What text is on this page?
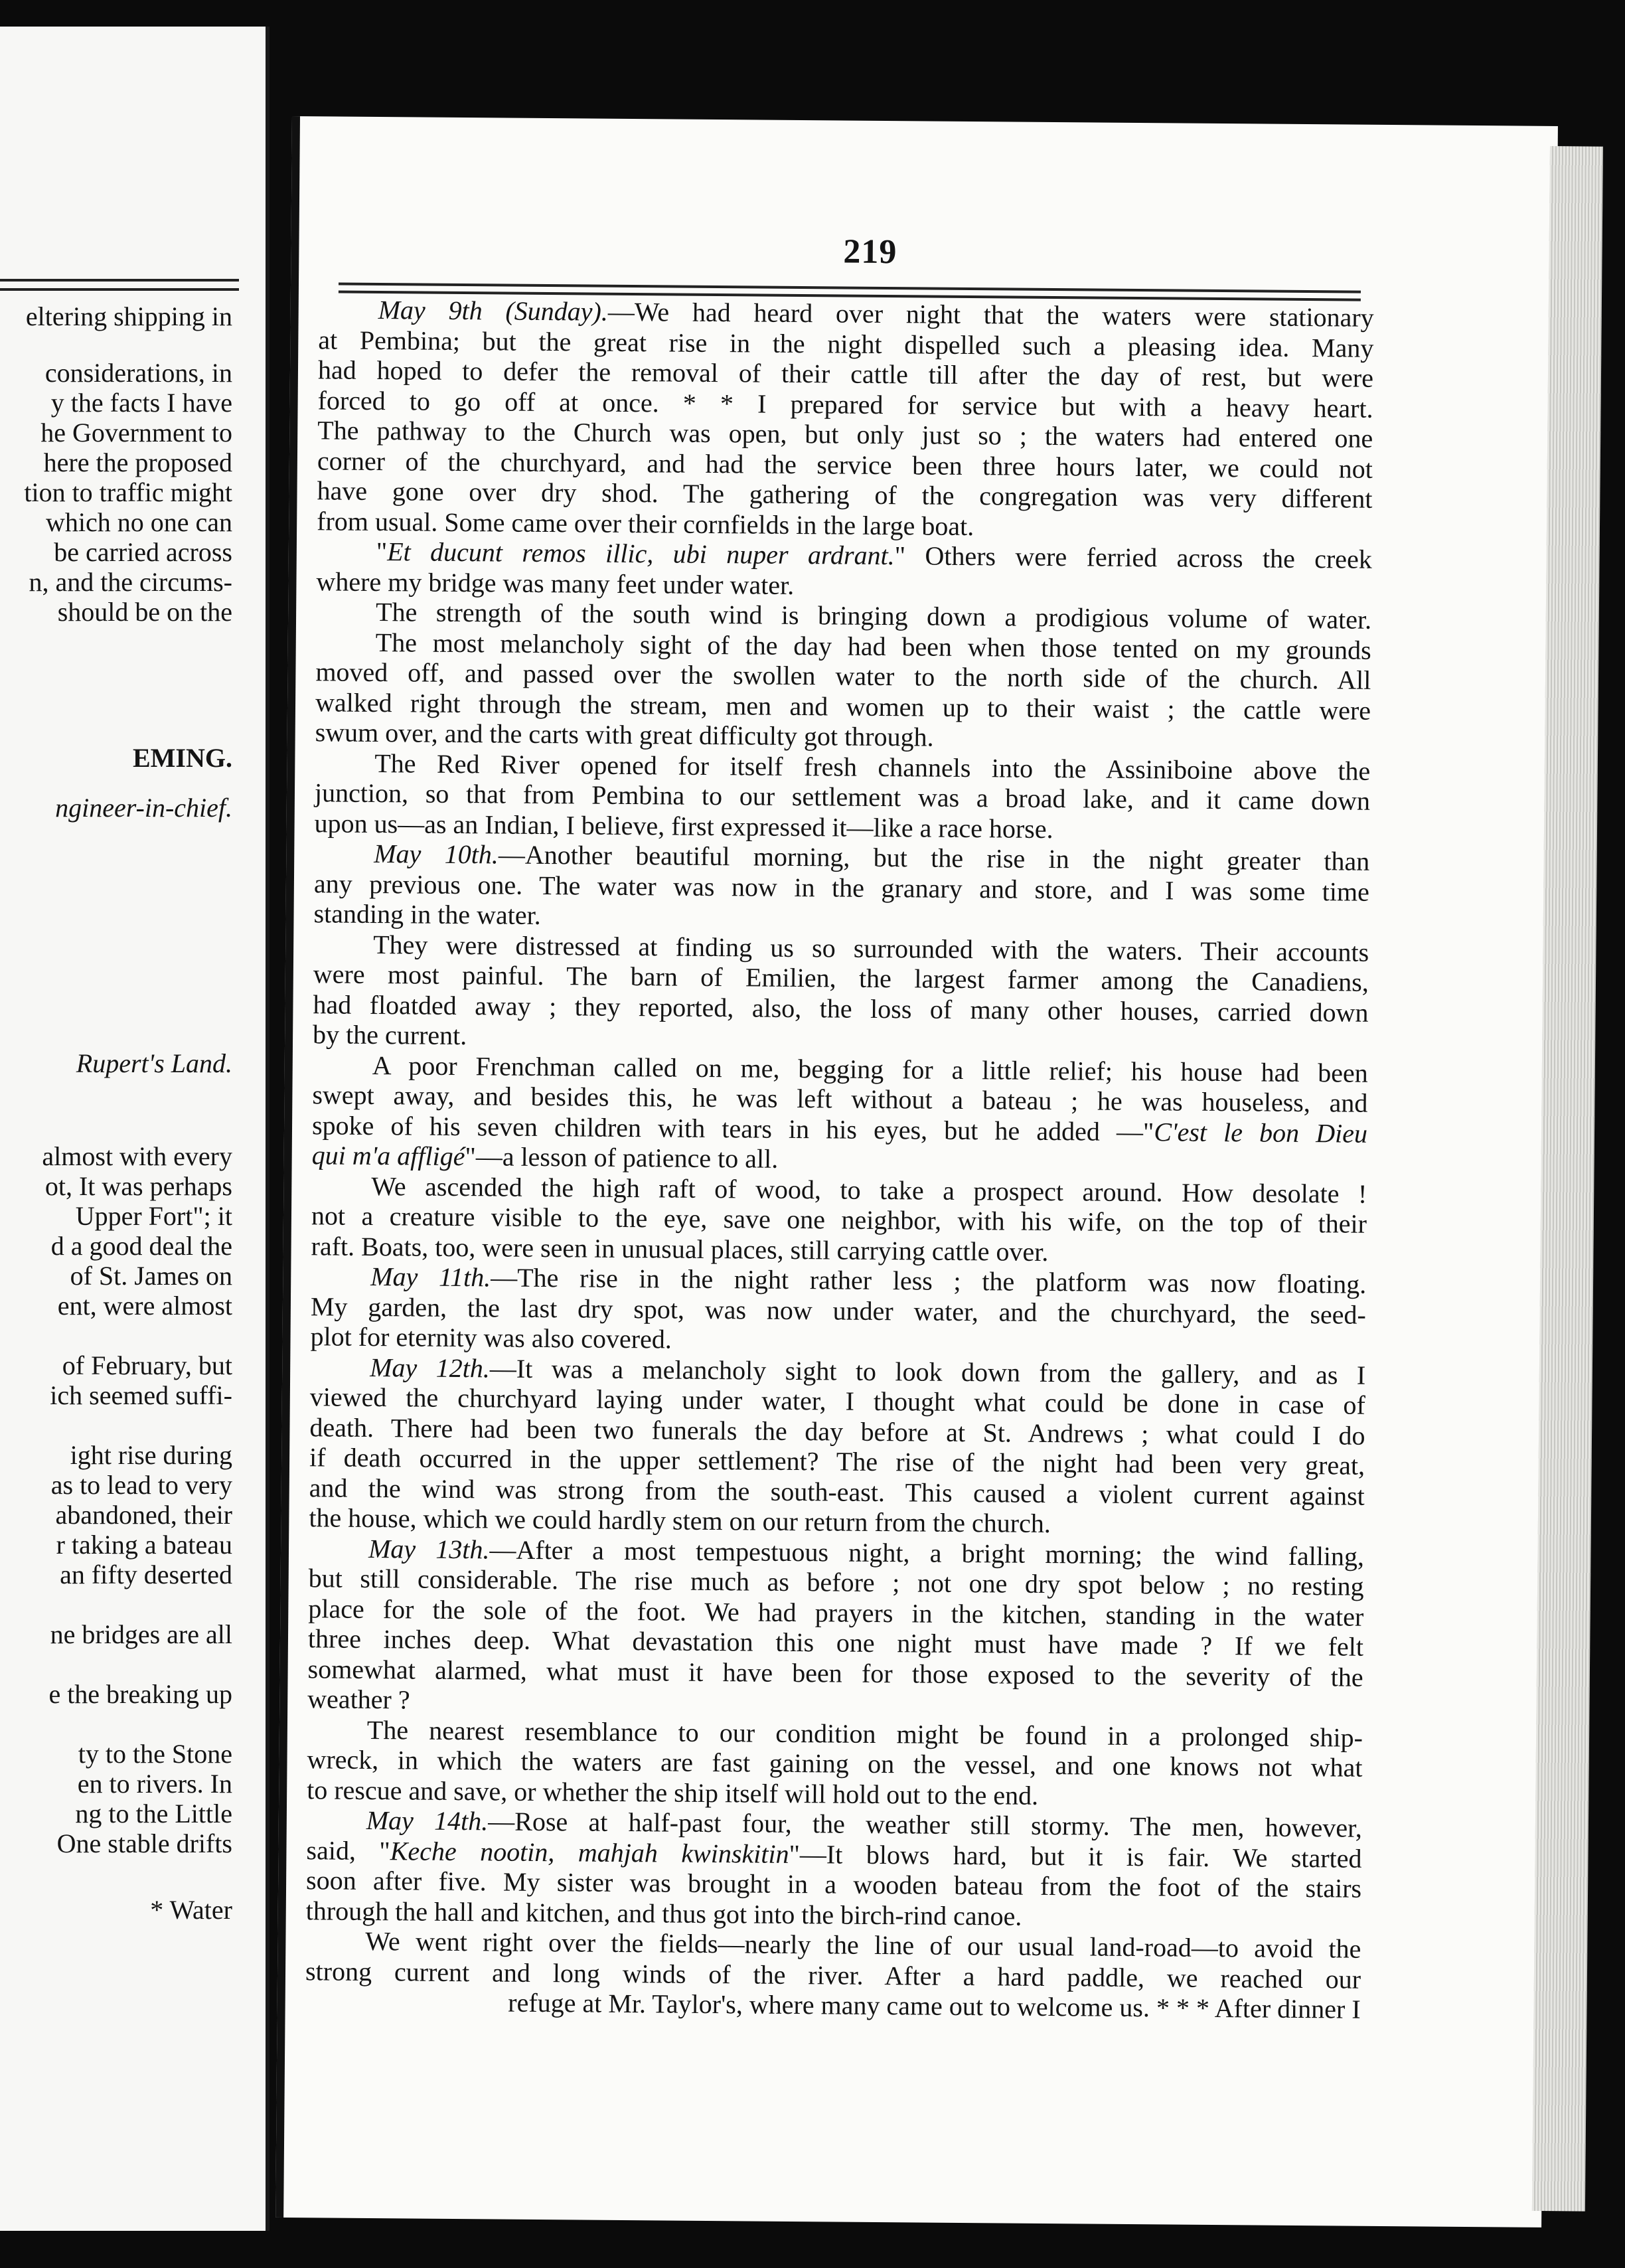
eltering shipping in
considerations, in
y the facts I have
he Government to
here the proposed
tion to traffic might
which no one can
be carried across
n, and the circums-
should be on the
EMING.
ngineer-in-chief.
Rupert's Land.
almost with every
ot, It was perhaps
Upper Fort"; it
d a good deal the
of St. James on
ent, were almost
of February, but
ich seemed suffi-
ight rise during
as to lead to very
abandoned, their
r taking a bateau
an fifty deserted
ne bridges are all
e the breaking up
ty to the Stone
en to rivers. In
ng to the Little
One stable drifts
* Water
219
May 9th (Sunday).—We had heard over night that the waters were stationary
at Pembina; but the great rise in the night dispelled such a pleasing idea. Many
had hoped to defer the removal of their cattle till after the day of rest, but were
forced to go off at once. * * I prepared for service but with a heavy heart.
The pathway to the Church was open, but only just so ; the waters had entered one
corner of the churchyard, and had the service been three hours later, we could not
have gone over dry shod. The gathering of the congregation was very different
from usual. Some came over their cornfields in the large boat.
"Et ducunt remos illic, ubi nuper ardrant." Others were ferried across the creek
where my bridge was many feet under water.
The strength of the south wind is bringing down a prodigious volume of water.
The most melancholy sight of the day had been when those tented on my grounds
moved off, and passed over the swollen water to the north side of the church. All
walked right through the stream, men and women up to their waist ; the cattle were
swum over, and the carts with great difficulty got through.
The Red River opened for itself fresh channels into the Assiniboine above the
junction, so that from Pembina to our settlement was a broad lake, and it came down
upon us—as an Indian, I believe, first expressed it—like a race horse.
May 10th.—Another beautiful morning, but the rise in the night greater than
any previous one. The water was now in the granary and store, and I was some time
standing in the water.
They were distressed at finding us so surrounded with the waters. Their accounts
were most painful. The barn of Emilien, the largest farmer among the Canadiens,
had floatded away ; they reported, also, the loss of many other houses, carried down
by the current.
A poor Frenchman called on me, begging for a little relief; his house had been
swept away, and besides this, he was left without a bateau ; he was houseless, and
spoke of his seven children with tears in his eyes, but he added —"C'est le bon Dieu
qui m'a affligé"—a lesson of patience to all.
We ascended the high raft of wood, to take a prospect around. How desolate !
not a creature visible to the eye, save one neighbor, with his wife, on the top of their
raft. Boats, too, were seen in unusual places, still carrying cattle over.
May 11th.—The rise in the night rather less ; the platform was now floating.
My garden, the last dry spot, was now under water, and the churchyard, the seed-
plot for eternity was also covered.
May 12th.—It was a melancholy sight to look down from the gallery, and as I
viewed the churchyard laying under water, I thought what could be done in case of
death. There had been two funerals the day before at St. Andrews ; what could I do
if death occurred in the upper settlement? The rise of the night had been very great,
and the wind was strong from the south-east. This caused a violent current against
the house, which we could hardly stem on our return from the church.
May 13th.—After a most tempestuous night, a bright morning; the wind falling,
but still considerable. The rise much as before ; not one dry spot below ; no resting
place for the sole of the foot. We had prayers in the kitchen, standing in the water
three inches deep. What devastation this one night must have made ? If we felt
somewhat alarmed, what must it have been for those exposed to the severity of the
weather ?
The nearest resemblance to our condition might be found in a prolonged ship-
wreck, in which the waters are fast gaining on the vessel, and one knows not what
to rescue and save, or whether the ship itself will hold out to the end.
May 14th.—Rose at half-past four, the weather still stormy. The men, however,
said, "Keche nootin, mahjah kwinskitin"—It blows hard, but it is fair. We started
soon after five. My sister was brought in a wooden bateau from the foot of the stairs
through the hall and kitchen, and thus got into the birch-rind canoe.
We went right over the fields—nearly the line of our usual land-road—to avoid the
strong current and long winds of the river. After a hard paddle, we reached our
refuge at Mr. Taylor's, where many came out to welcome us. * * * After dinner I
